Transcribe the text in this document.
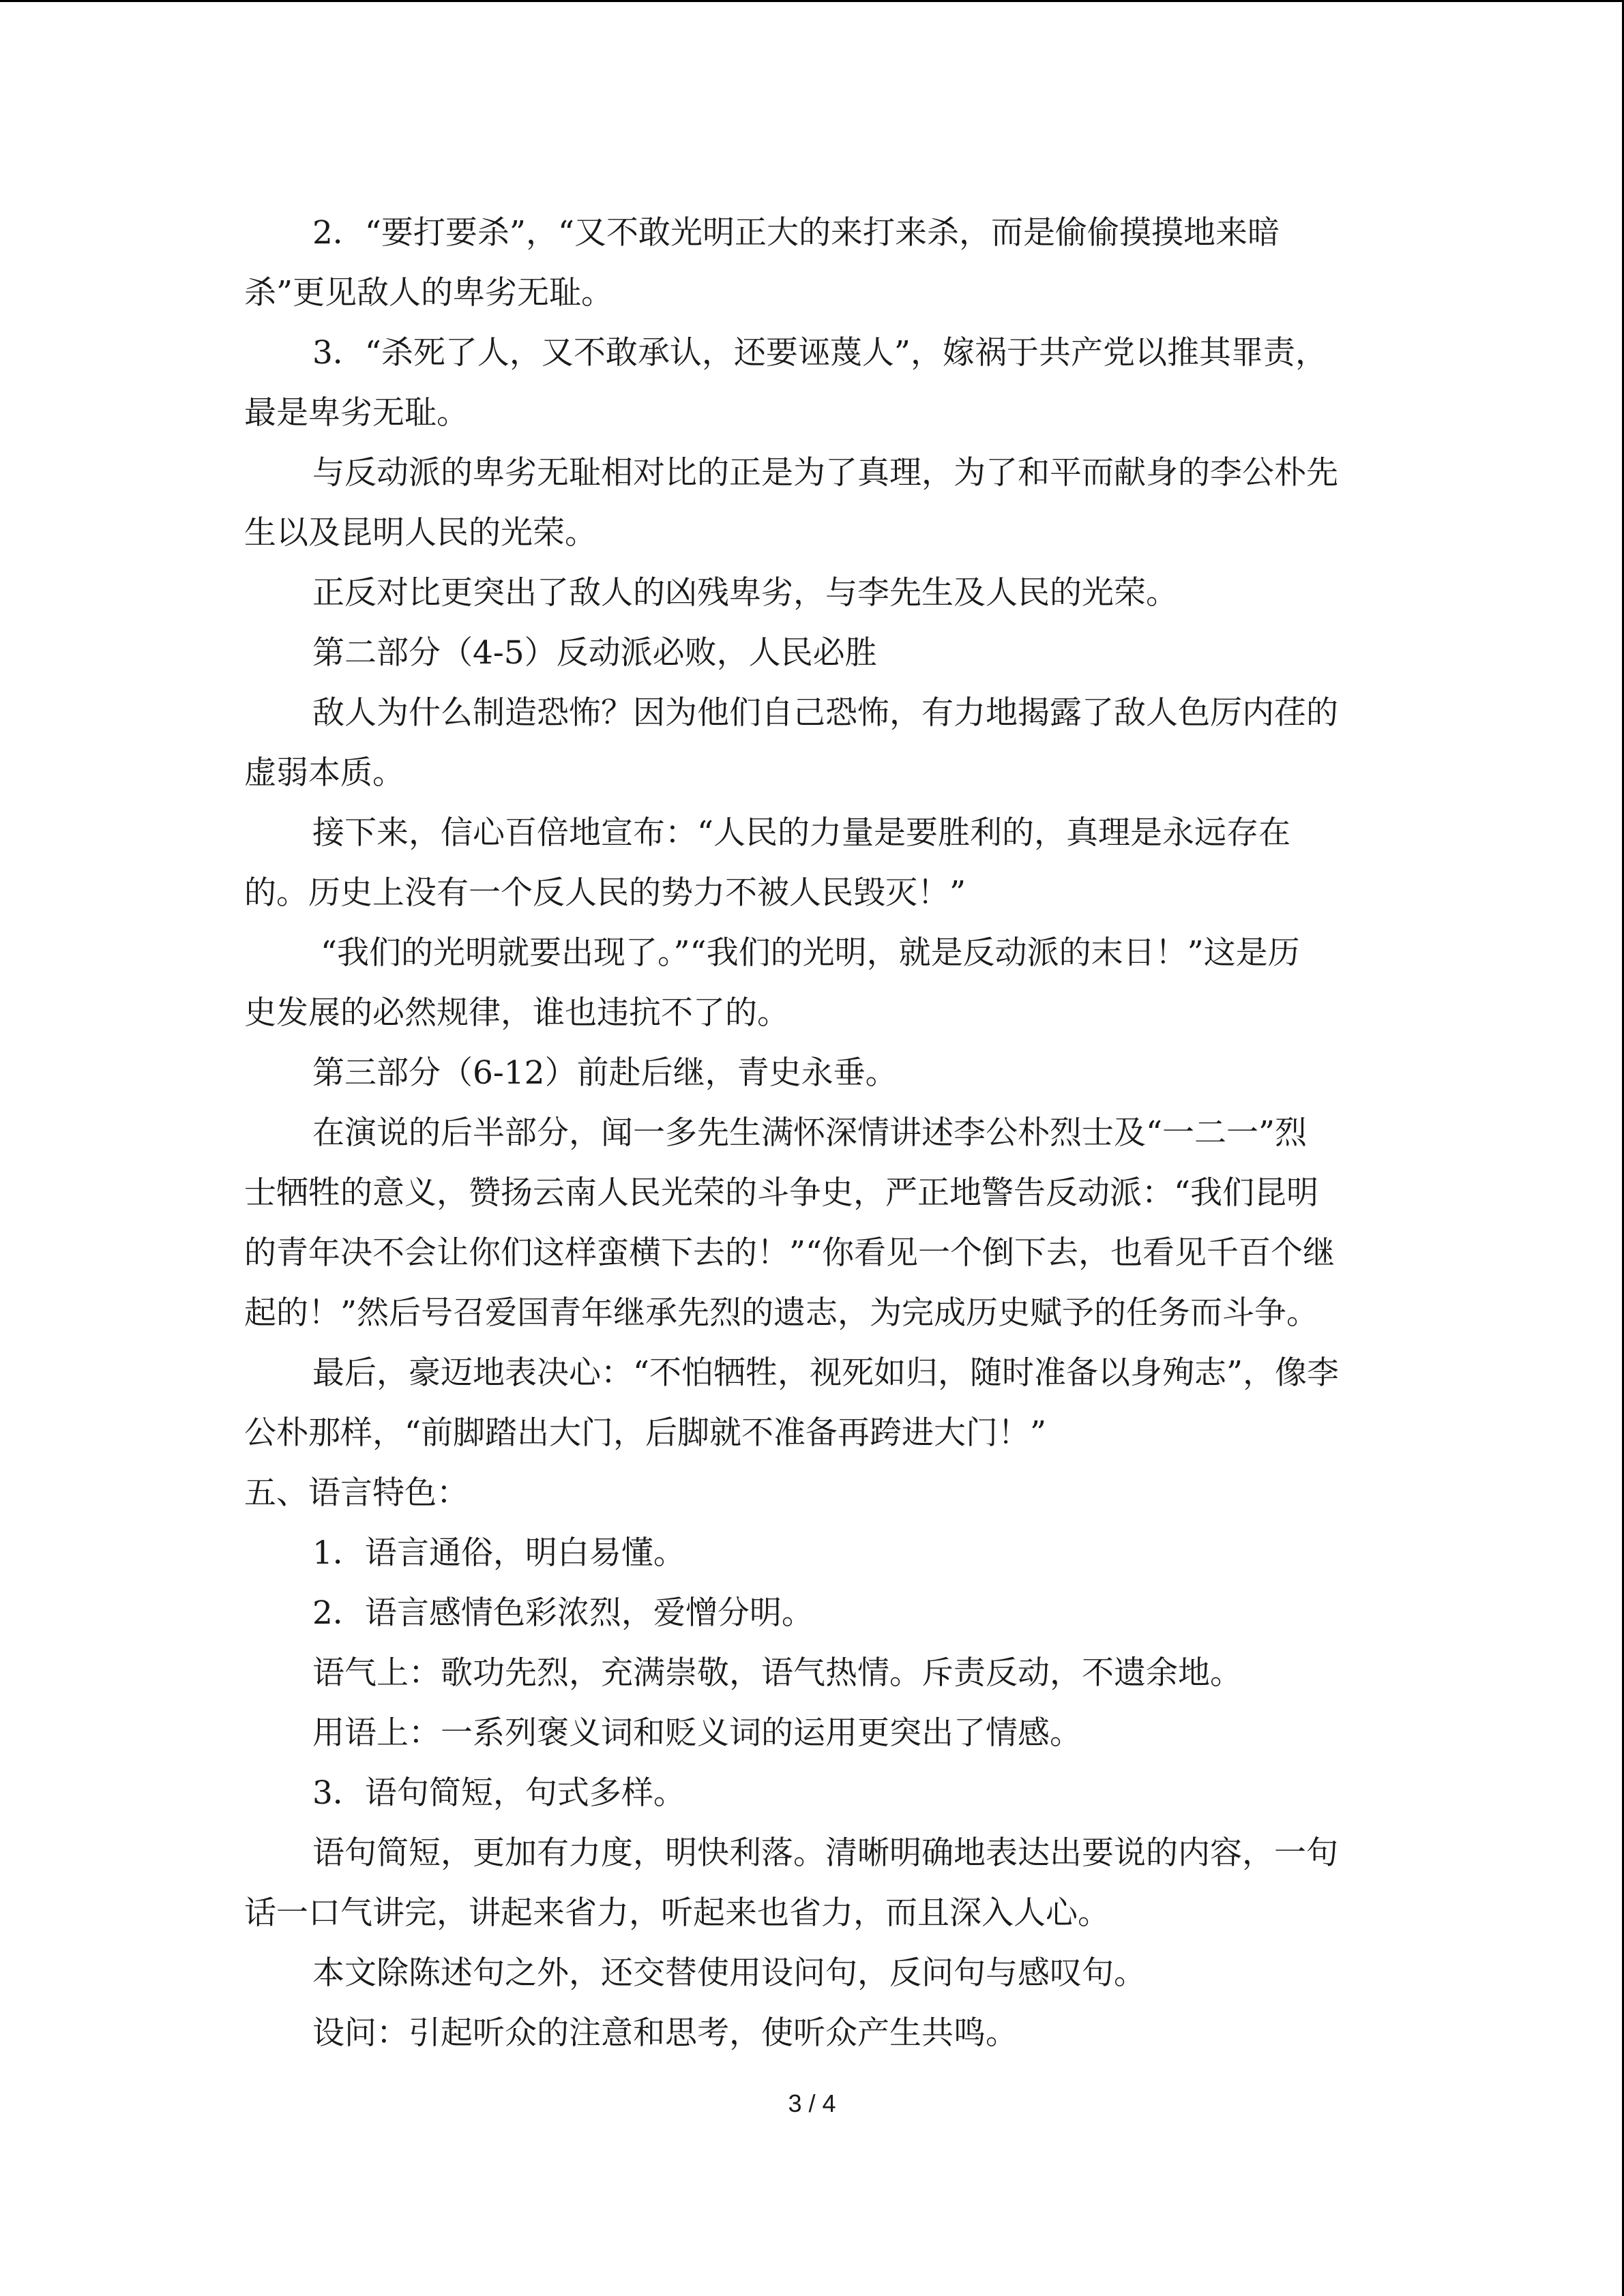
2．“要打要杀”，“又不敢光明正大的来打来杀，而是偷偷摸摸地来暗
杀”更见敌人的卑劣无耻。
3．“杀死了人，又不敢承认，还要诬蔑人”，嫁祸于共产党以推其罪责，
最是卑劣无耻。
与反动派的卑劣无耻相对比的正是为了真理，为了和平而献身的李公朴先
生以及昆明人民的光荣。
正反对比更突出了敌人的凶残卑劣，与李先生及人民的光荣。
第二部分（4-5）反动派必败，人民必胜
敌人为什么制造恐怖？因为他们自己恐怖，有力地揭露了敌人色厉内荏的
虚弱本质。
接下来，信心百倍地宣布：“人民的力量是要胜利的，真理是永远存在
的。历史上没有一个反人民的势力不被人民毁灭！”
“我们的光明就要出现了。”“我们的光明，就是反动派的末日！”这是历
史发展的必然规律，谁也违抗不了的。
第三部分（6-12）前赴后继，青史永垂。
在演说的后半部分，闻一多先生满怀深情讲述李公朴烈士及“一二一”烈
士牺牲的意义，赞扬云南人民光荣的斗争史，严正地警告反动派：“我们昆明
的青年决不会让你们这样蛮横下去的！”“你看见一个倒下去，也看见千百个继
起的！”然后号召爱国青年继承先烈的遗志，为完成历史赋予的任务而斗争。
最后，豪迈地表决心：“不怕牺牲，视死如归，随时准备以身殉志”，像李
公朴那样，“前脚踏出大门，后脚就不准备再跨进大门！”
五、语言特色：
1．语言通俗，明白易懂。
2．语言感情色彩浓烈，爱憎分明。
语气上：歌功先烈，充满崇敬，语气热情。斥责反动，不遗余地。
用语上：一系列褒义词和贬义词的运用更突出了情感。
3．语句简短，句式多样。
语句简短，更加有力度，明快利落。清晰明确地表达出要说的内容，一句
话一口气讲完，讲起来省力，听起来也省力，而且深入人心。
本文除陈述句之外，还交替使用设问句，反问句与感叹句。
设问：引起听众的注意和思考，使听众产生共鸣。
3 / 4
